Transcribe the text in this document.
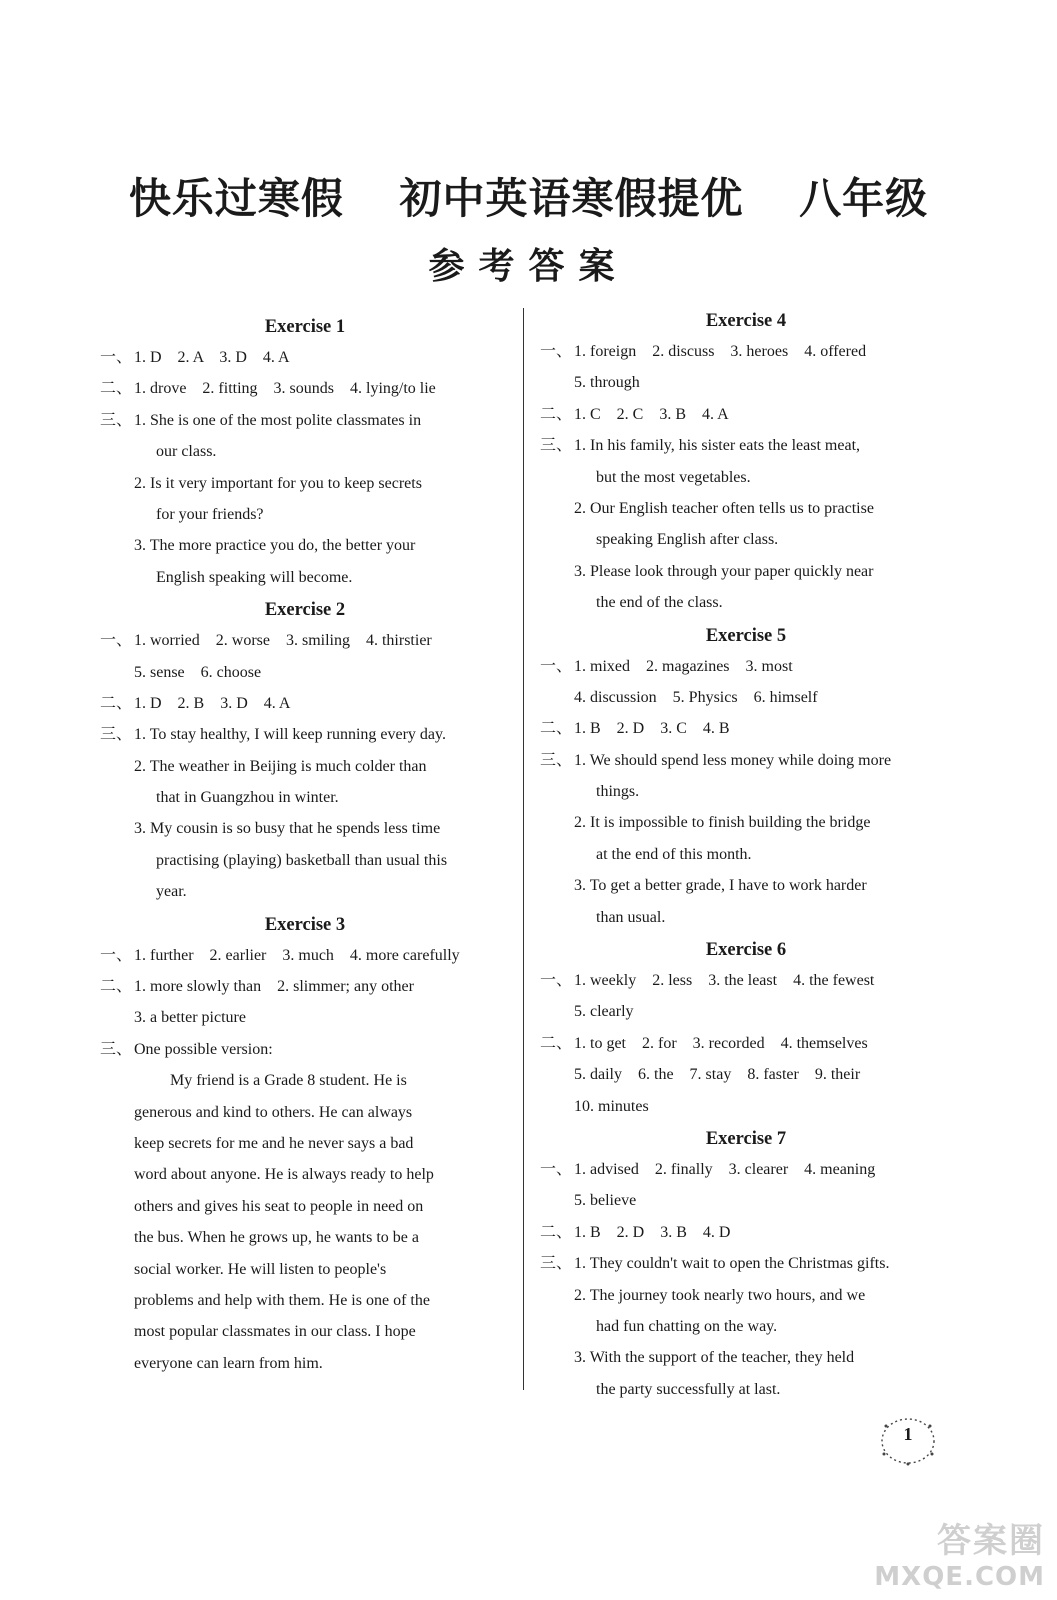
快乐过寒假 初中英语寒假提优 八年级
参考答案
Exercise 1
一、 1. D　2. A　3. D　4. A
二、 1. drove　2. fitting　3. sounds　4. lying/to lie
三、 1. She is one of the most polite classmates in
our class.
2. Is it very important for you to keep secrets
for your friends?
3. The more practice you do, the better your
English speaking will become.
Exercise 2
一、 1. worried　2. worse　3. smiling　4. thirstier
5. sense　6. choose
二、 1. D　2. B　3. D　4. A
三、 1. To stay healthy, I will keep running every day.
2. The weather in Beijing is much colder than
that in Guangzhou in winter.
3. My cousin is so busy that he spends less time
practising (playing) basketball than usual this
year.
Exercise 3
一、 1. further　2. earlier　3. much　4. more carefully
二、 1. more slowly than　2. slimmer; any other
3. a better picture
三、 One possible version:
My friend is a Grade 8 student. He is
generous and kind to others. He can always
keep secrets for me and he never says a bad
word about anyone. He is always ready to help
others and gives his seat to people in need on
the bus. When he grows up, he wants to be a
social worker. He will listen to people's
problems and help with them. He is one of the
most popular classmates in our class. I hope
everyone can learn from him.
Exercise 4
一、 1. foreign　2. discuss　3. heroes　4. offered
5. through
二、 1. C　2. C　3. B　4. A
三、 1. In his family, his sister eats the least meat,
but the most vegetables.
2. Our English teacher often tells us to practise
speaking English after class.
3. Please look through your paper quickly near
the end of the class.
Exercise 5
一、 1. mixed　2. magazines　3. most
4. discussion　5. Physics　6. himself
二、 1. B　2. D　3. C　4. B
三、 1. We should spend less money while doing more
things.
2. It is impossible to finish building the bridge
at the end of this month.
3. To get a better grade, I have to work harder
than usual.
Exercise 6
一、 1. weekly　2. less　3. the least　4. the fewest
5. clearly
二、 1. to get　2. for　3. recorded　4. themselves
5. daily　6. the　7. stay　8. faster　9. their
10. minutes
Exercise 7
一、 1. advised　2. finally　3. clearer　4. meaning
5. believe
二、 1. B　2. D　3. B　4. D
三、 1. They couldn't wait to open the Christmas gifts.
2. The journey took nearly two hours, and we
had fun chatting on the way.
3. With the support of the teacher, they held
the party successfully at last.
1
答案圈
MXQE.COM
